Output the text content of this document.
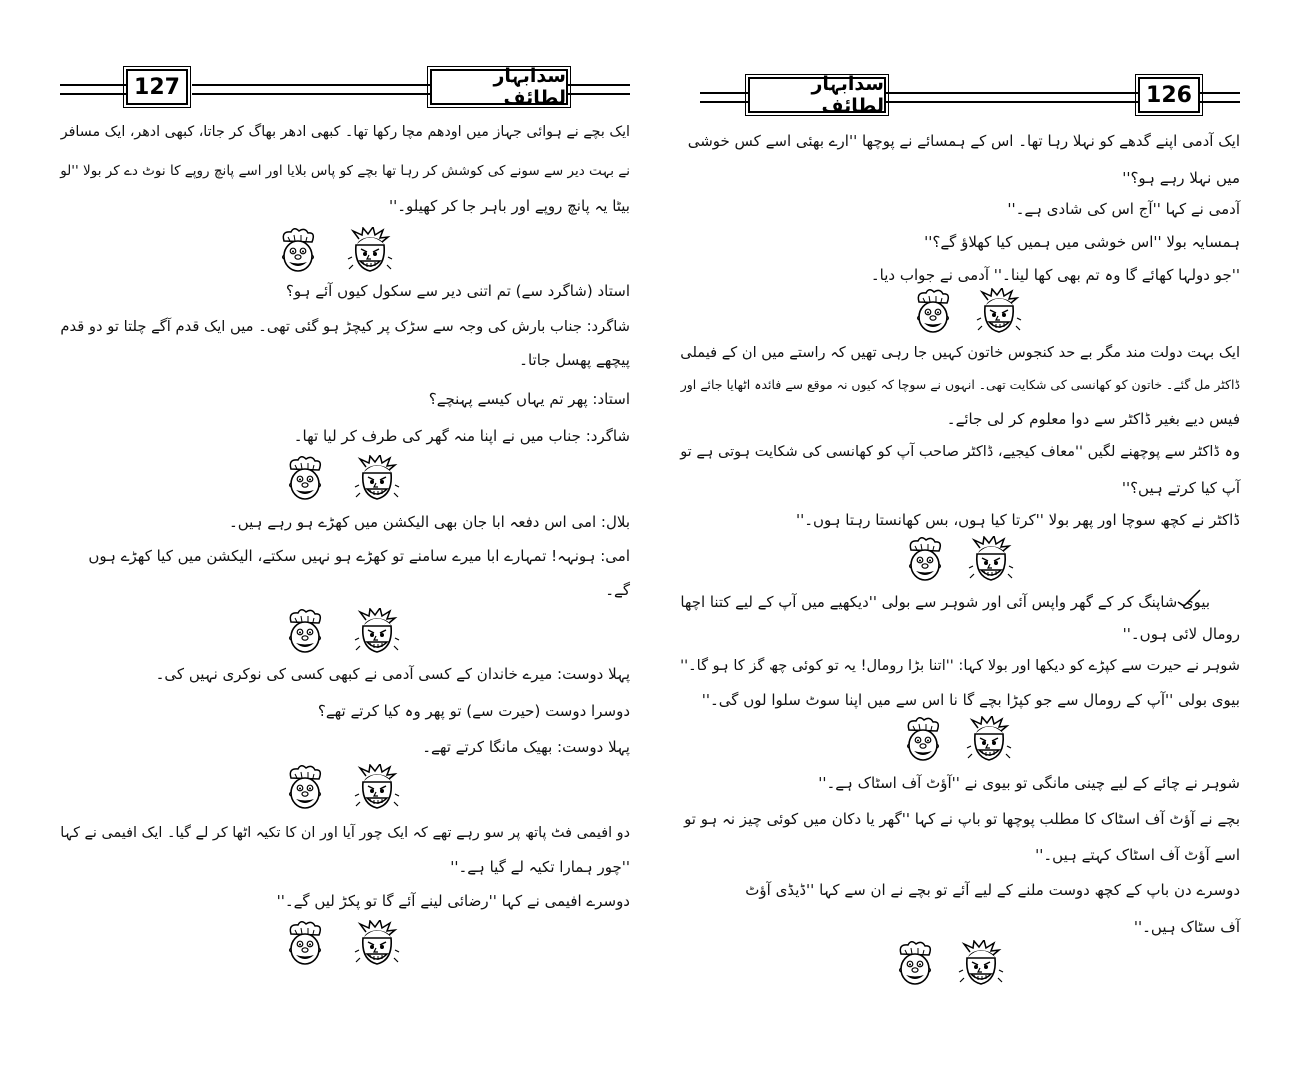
127	سدابہار لطائف
ایک بچے نے ہوائی جہاز میں اودھم مچا رکھا تھا۔ کبھی ادھر بھاگ کر جاتا، کبھی ادھر، ایک مسافر
نے بہت دیر سے سونے کی کوشش کر رہا تھا بچے کو پاس بلایا اور اسے پانچ روپے کا نوٹ دے کر بولا ''لو
بیٹا یہ پانچ روپے اور باہر جا کر کھیلو۔''
استاد (شاگرد سے) تم اتنی دیر سے سکول کیوں آئے ہو؟
شاگرد: جناب بارش کی وجہ سے سڑک پر کیچڑ ہو گئی تھی۔ میں ایک قدم آگے چلتا تو دو قدم
پیچھے پھسل جاتا۔
استاد: پھر تم یہاں کیسے پہنچے؟
شاگرد: جناب میں نے اپنا منہ گھر کی طرف کر لیا تھا۔
بلال: امی اس دفعہ ابا جان بھی الیکشن میں کھڑے ہو رہے ہیں۔
امی: ہونہہ! تمہارے ابا میرے سامنے تو کھڑے ہو نہیں سکتے، الیکشن میں کیا کھڑے ہوں
گے۔
پہلا دوست: میرے خاندان کے کسی آدمی نے کبھی کسی کی نوکری نہیں کی۔
دوسرا دوست (حیرت سے) تو پھر وہ کیا کرتے تھے؟
پہلا دوست: بھیک مانگا کرتے تھے۔
دو افیمی فٹ پاتھ پر سو رہے تھے کہ ایک چور آیا اور ان کا تکیہ اٹھا کر لے گیا۔ ایک افیمی نے کہا
''چور ہمارا تکیہ لے گیا ہے۔''
دوسرے افیمی نے کہا ''رضائی لینے آئے گا تو پکڑ لیں گے۔''
سدابہار لطائف	126
ایک آدمی اپنے گدھے کو نہلا رہا تھا۔ اس کے ہمسائے نے پوچھا ''ارے بھئی اسے کس خوشی
میں نہلا رہے ہو؟''
آدمی نے کہا ''آج اس کی شادی ہے۔''
ہمسایہ بولا ''اس خوشی میں ہمیں کیا کھلاؤ گے؟''
''جو دولہا کھائے گا وہ تم بھی کھا لینا۔'' آدمی نے جواب دیا۔
ایک بہت دولت مند مگر بے حد کنجوس خاتون کہیں جا رہی تھیں کہ راستے میں ان کے فیملی
ڈاکٹر مل گئے۔ خاتون کو کھانسی کی شکایت تھی۔ انہوں نے سوچا کہ کیوں نہ موقع سے فائدہ اٹھایا جائے اور
فیس دیے بغیر ڈاکٹر سے دوا معلوم کر لی جائے۔
وہ ڈاکٹر سے پوچھنے لگیں ''معاف کیجیے، ڈاکٹر صاحب آپ کو کھانسی کی شکایت ہوتی ہے تو
آپ کیا کرتے ہیں؟''
ڈاکٹر نے کچھ سوچا اور پھر بولا ''کرتا کیا ہوں، بس کھانستا رہتا ہوں۔''
بیوی شاپنگ کر کے گھر واپس آئی اور شوہر سے بولی ''دیکھیے میں آپ کے لیے کتنا اچھا
رومال لائی ہوں۔''
شوہر نے حیرت سے کپڑے کو دیکھا اور بولا کہا: ''اتنا بڑا رومال! یہ تو کوئی چھ گز کا ہو گا۔''
بیوی بولی ''آپ کے رومال سے جو کپڑا بچے گا نا اس سے میں اپنا سوٹ سلوا لوں گی۔''
شوہر نے چائے کے لیے چینی مانگی تو بیوی نے ''آؤٹ آف اسٹاک ہے۔''
بچے نے آؤٹ آف اسٹاک کا مطلب پوچھا تو باپ نے کہا ''گھر یا دکان میں کوئی چیز نہ ہو تو
اسے آؤٹ آف اسٹاک کہتے ہیں۔''
دوسرے دن باپ کے کچھ دوست ملنے کے لیے آئے تو بچے نے ان سے کہا ''ڈیڈی آؤٹ
آف سٹاک ہیں۔''
